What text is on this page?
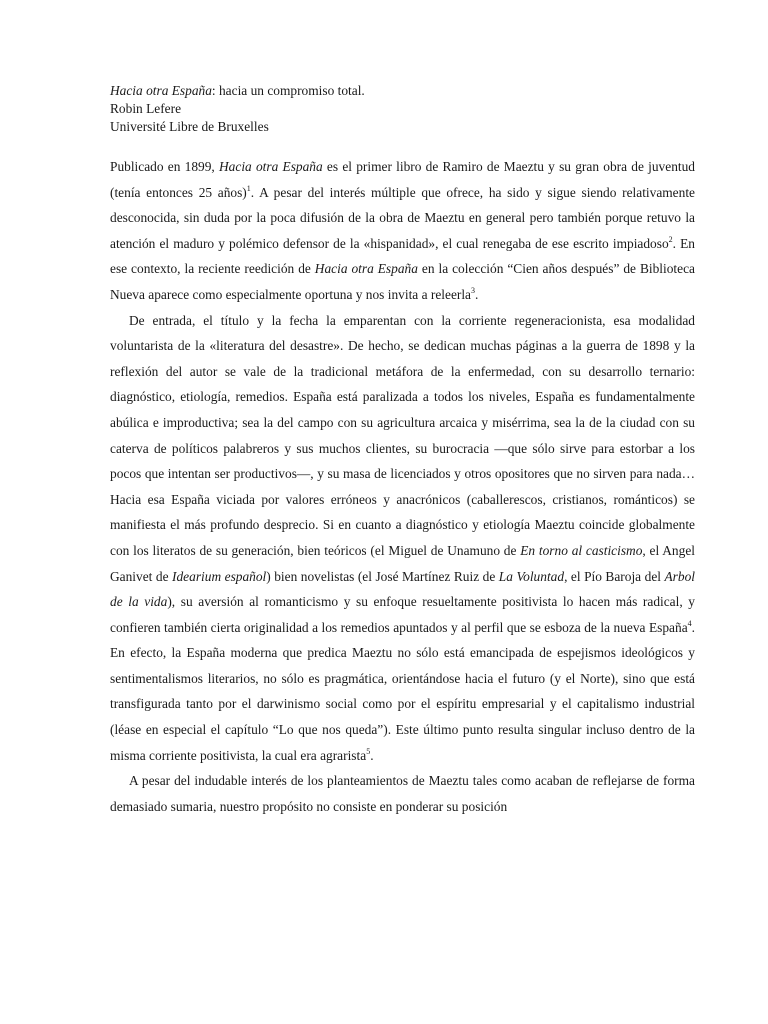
Hacia otra España: hacia un compromiso total.
Robin Lefere
Université Libre de Bruxelles

Publicado en 1899, Hacia otra España es el primer libro de Ramiro de Maeztu y su gran obra de juventud (tenía entonces 25 años)$^1$. A pesar del interés múltiple que ofrece, ha sido y sigue siendo relativamente desconocida, sin duda por la poca difusión de la obra de Maeztu en general pero también porque retuvo la atención el maduro y polémico defensor de la «hispanidad», el cual renegaba de ese escrito impiadoso$^2$. En ese contexto, la reciente reedición de Hacia otra España en la colección “Cien años después” de Biblioteca Nueva aparece como especialmente oportuna y nos invita a releerla$^3$.

De entrada, el título y la fecha la emparentan con la corriente regeneracionista, esa modalidad voluntarista de la «literatura del desastre». De hecho, se dedican muchas páginas a la guerra de 1898 y la reflexión del autor se vale de la tradicional metáfora de la enfermedad, con su desarrollo ternario: diagnóstico, etiología, remedios. España está paralizada a todos los niveles, España es fundamentalmente abúlica e improductiva; sea la del campo con su agricultura arcaica y misérrima, sea la de la ciudad con su caterva de políticos palabreros y sus muchos clientes, su burocracia —que sólo sirve para estorbar a los pocos que intentan ser productivos—, y su masa de licenciados y otros opositores que no sirven para nada… Hacia esa España viciada por valores erróneos y anacrónicos (caballerescos, cristianos, románticos) se manifiesta el más profundo desprecio. Si en cuanto a diagnóstico y etiología Maeztu coincide globalmente con los literatos de su generación, bien teóricos (el Miguel de Unamuno de En torno al casticismo, el Angel Ganivet de Idearium español) bien novelistas (el José Martínez Ruiz de La Voluntad, el Pío Baroja del Arbol de la vida), su aversión al romanticismo y su enfoque resueltamente positivista lo hacen más radical, y confieren también cierta originalidad a los remedios apuntados y al perfil que se esboza de la nueva España$^4$. En efecto, la España moderna que predica Maeztu no sólo está emancipada de espejismos ideológicos y sentimentalismos literarios, no sólo es pragmática, orientándose hacia el futuro (y el Norte), sino que está transfigurada tanto por el darwinismo social como por el espíritu empresarial y el capitalismo industrial (léase en especial el capítulo “Lo que nos queda”). Este último punto resulta singular incluso dentro de la misma corriente positivista, la cual era agrarista$^5$.

A pesar del indudable interés de los planteamientos de Maeztu tales como acaban de reflejarse de forma demasiado sumaria, nuestro propósito no consiste en ponderar su posición
